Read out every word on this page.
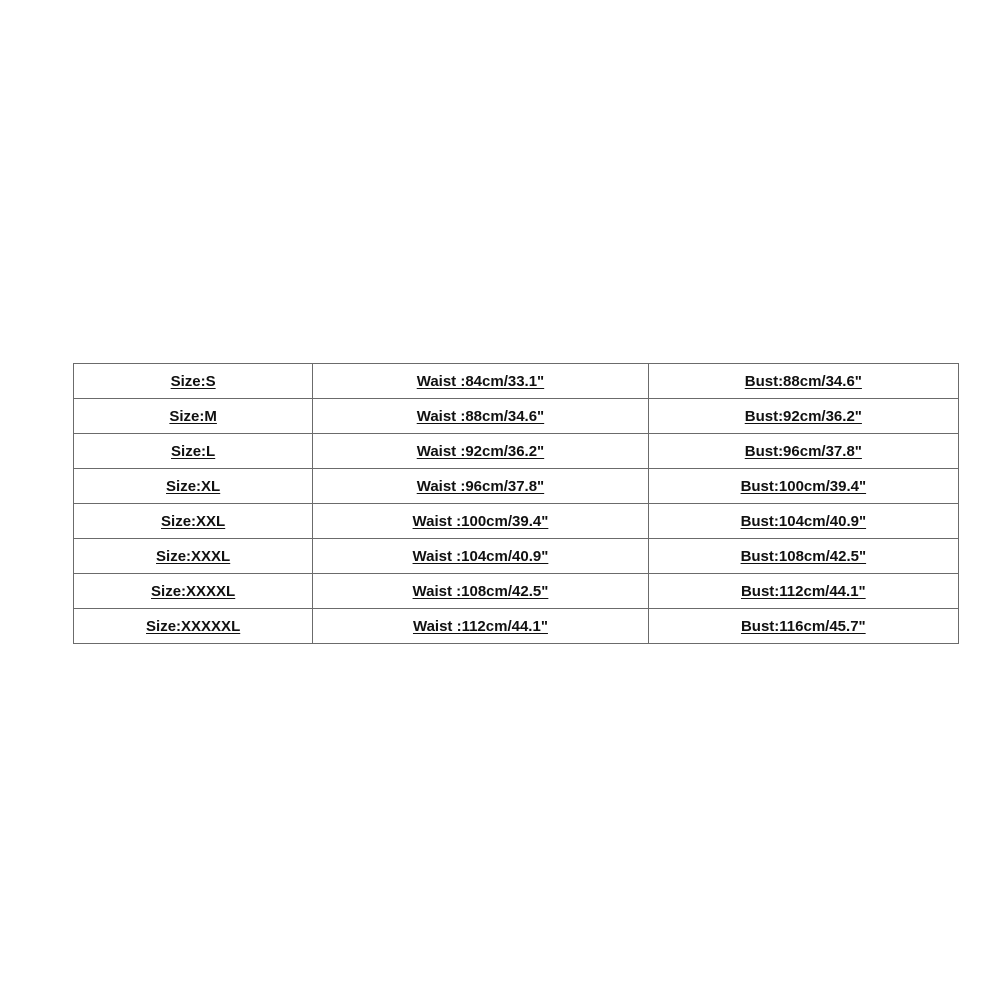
Size:S	Waist :84cm/33.1"	Bust:88cm/34.6"
Size:M	Waist :88cm/34.6"	Bust:92cm/36.2"
Size:L	Waist :92cm/36.2"	Bust:96cm/37.8"
Size:XL	Waist :96cm/37.8"	Bust:100cm/39.4"
Size:XXL	Waist :100cm/39.4"	Bust:104cm/40.9"
Size:XXXL	Waist :104cm/40.9"	Bust:108cm/42.5"
Size:XXXXL	Waist :108cm/42.5"	Bust:112cm/44.1"
Size:XXXXXL	Waist :112cm/44.1"	Bust:116cm/45.7"
